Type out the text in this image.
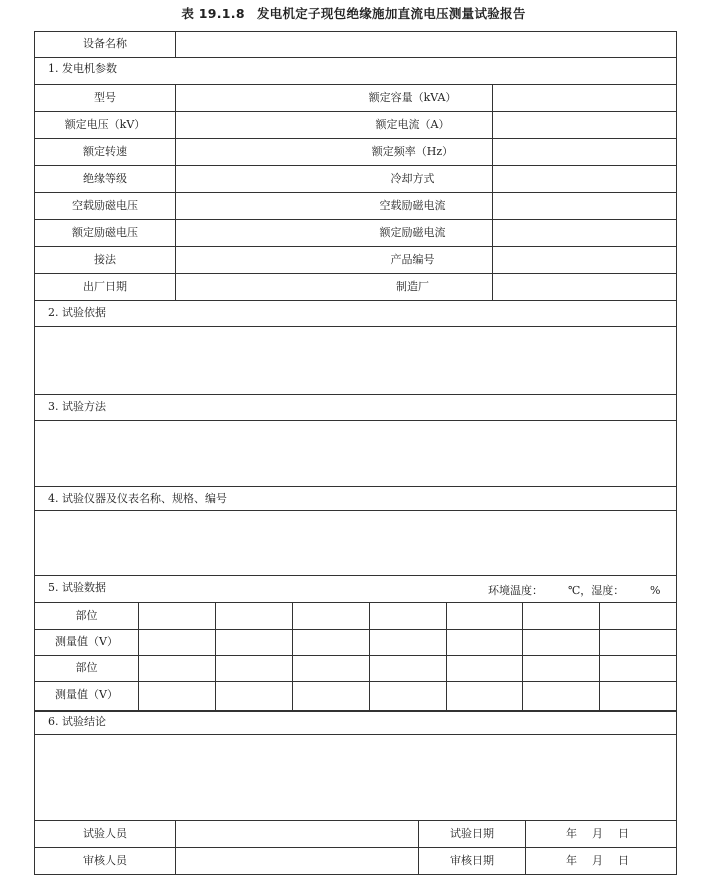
表 19.1.8 发电机定子现包绝缘施加直流电压测量试验报告
设备名称
1. 发电机参数
型号	额定容量（kVA）
额定电压（kV）	额定电流（A）
额定转速	额定频率（Hz）
绝缘等级	冷却方式
空载励磁电压	空载励磁电流
额定励磁电压	额定励磁电流
接法	产品编号
出厂日期	制造厂
2. 试验依据
3. 试验方法
4. 试验仪器及仪表名称、规格、编号
5. 试验数据	环境温度： ℃，湿度： %
部位
测量值（V）
部位
测量值（V）
6. 试验结论
试验人员	试验日期	年 月 日
审核人员	审核日期	年 月 日
